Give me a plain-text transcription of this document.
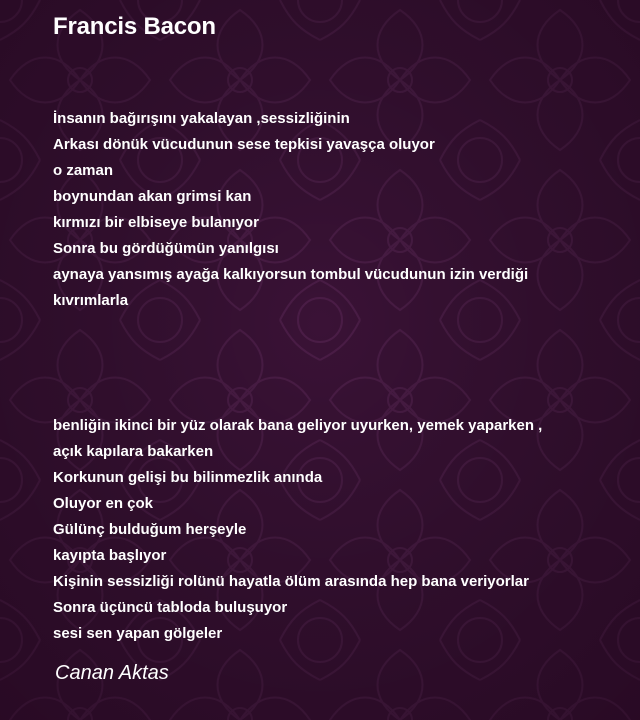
Francis Bacon
İnsanın bağırışını yakalayan ,sessizliğinin
Arkası dönük vücudunun sese tepkisi yavaşça oluyor
o zaman
boynundan akan grimsi kan
kırmızı bir elbiseye bulanıyor
Sonra bu gördüğümün yanılgısı
aynaya yansımış ayağa kalkıyorsun tombul vücudunun izin verdiği
kıvrımlarla
benliğin ikinci bir yüz olarak bana geliyor uyurken, yemek yaparken ,
açık kapılara bakarken
Korkunun gelişi bu bilinmezlik anında
Oluyor en çok
Gülünç bulduğum herşeyle
kayıpta başlıyor
Kişinin sessizliği rolünü hayatla ölüm arasında hep bana veriyorlar
Sonra üçüncü tabloda buluşuyor
sesi sen yapan gölgeler

Canan Aktas
